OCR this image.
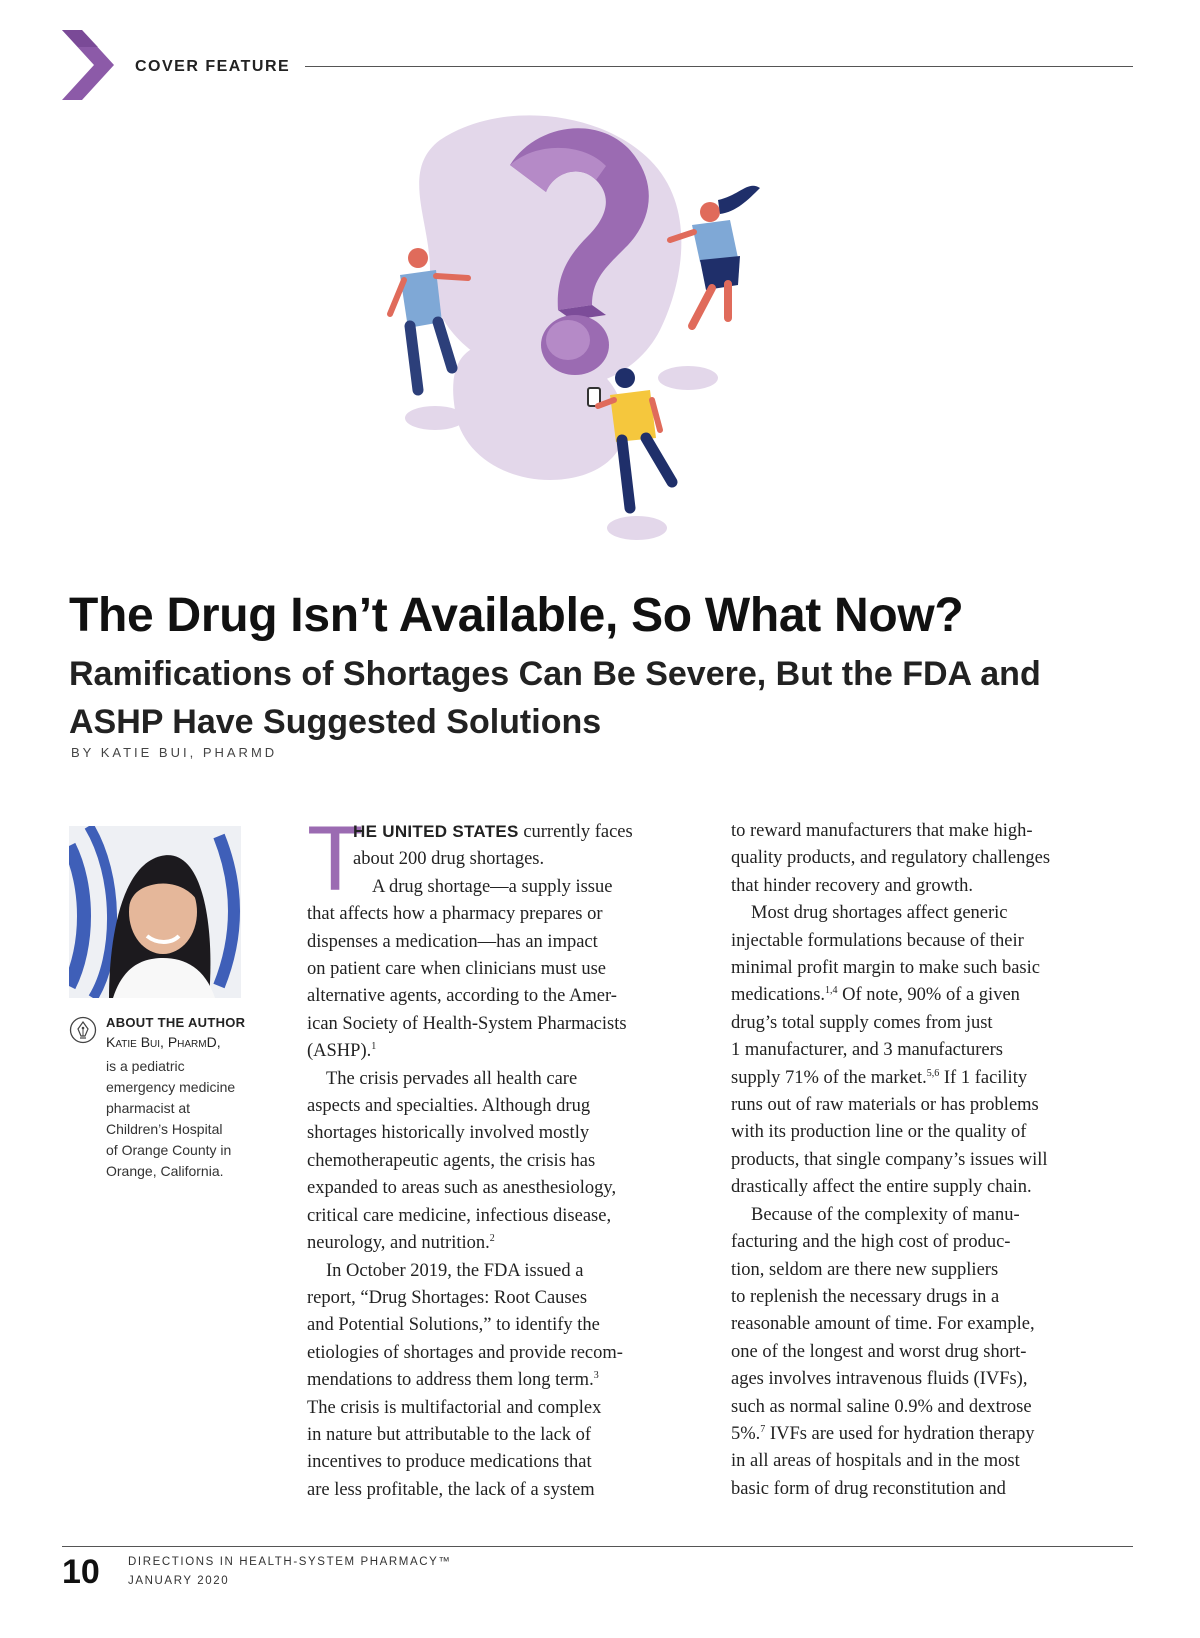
COVER FEATURE
The Drug Isn’t Available, So What Now?
Ramifications of Shortages Can Be Severe, But the FDA and ASHP Have Suggested Solutions
BY KATIE BUI, PHARMD
ABOUT THE AUTHOR
Katie Bui, PharmD,
is a pediatric
emergency medicine
pharmacist at
Children’s Hospital
of Orange County in
Orange, California.
T
HE UNITED STATES currently faces
about 200 drug shortages.
A drug shortage—a supply issue
that affects how a pharmacy prepares or
dispenses a medication—has an impact
on patient care when clinicians must use
alternative agents, according to the Amer-
ican Society of Health-System Pharmacists
(ASHP).$^1$
The crisis pervades all health care
aspects and specialties. Although drug
shortages historically involved mostly
chemotherapeutic agents, the crisis has
expanded to areas such as anesthesiology,
critical care medicine, infectious disease,
neurology, and nutrition.$^2$
In October 2019, the FDA issued a
report, “Drug Shortages: Root Causes
and Potential Solutions,” to identify the
etiologies of shortages and provide recom-
mendations to address them long term.$^3$
The crisis is multifactorial and complex
in nature but attributable to the lack of
incentives to produce medications that
are less profitable, the lack of a system
to reward manufacturers that make high-
quality products, and regulatory challenges
that hinder recovery and growth.
Most drug shortages affect generic
injectable formulations because of their
minimal profit margin to make such basic
medications.$^{1,4}$ Of note, 90% of a given
drug’s total supply comes from just
1 manufacturer, and 3 manufacturers
supply 71% of the market.$^{5,6}$ If 1 facility
runs out of raw materials or has problems
with its production line or the quality of
products, that single company’s issues will
drastically affect the entire supply chain.
Because of the complexity of manu-
facturing and the high cost of produc-
tion, seldom are there new suppliers
to replenish the necessary drugs in a
reasonable amount of time. For example,
one of the longest and worst drug short-
ages involves intravenous fluids (IVFs),
such as normal saline 0.9% and dextrose
5%.$^7$ IVFs are used for hydration therapy
in all areas of hospitals and in the most
basic form of drug reconstitution and
10 DIRECTIONS IN HEALTH-SYSTEM PHARMACY™
JANUARY 2020
